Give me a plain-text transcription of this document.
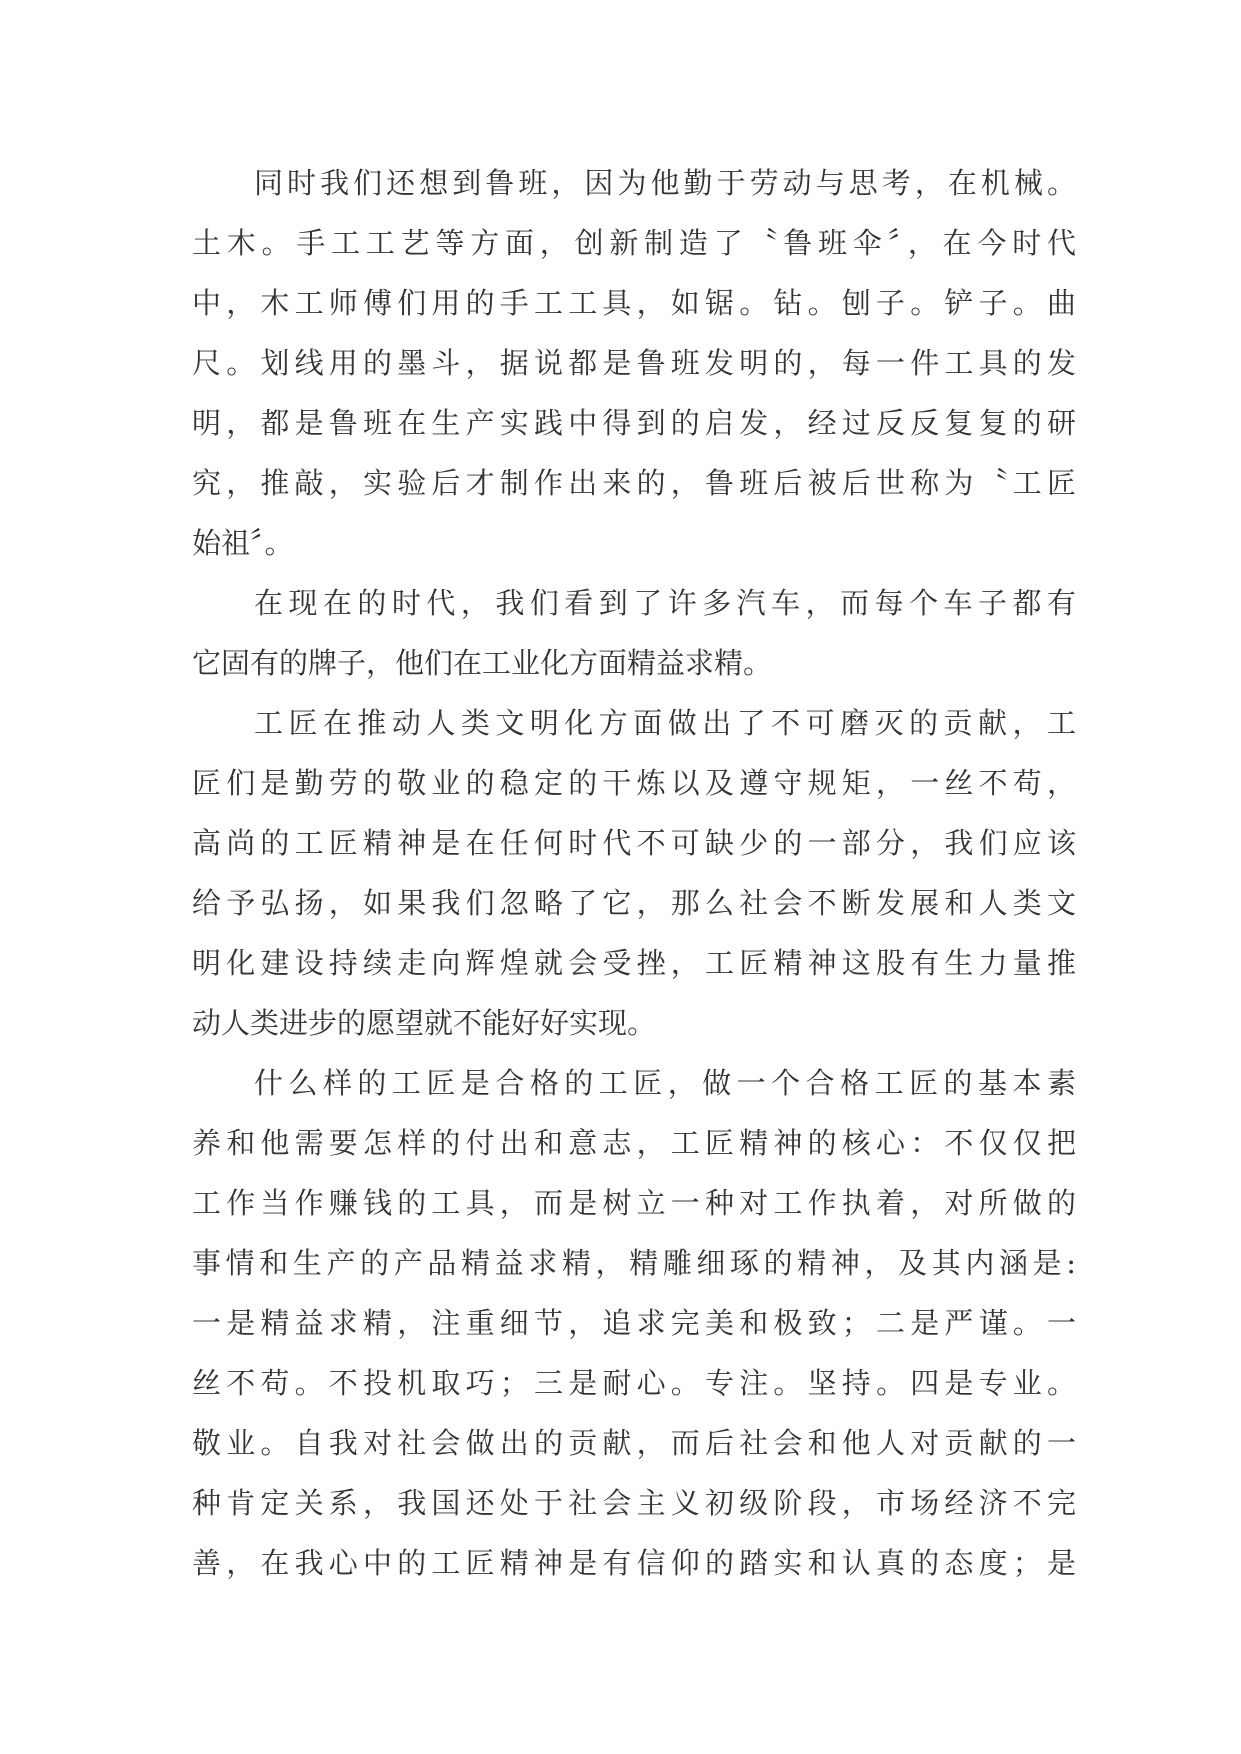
同时我们还想到鲁班，因为他勤于劳动与思考，在机械。
土木。手工工艺等方面，创新制造了〝鲁班伞〞，在今时代
中，木工师傅们用的手工工具，如锯。钻。刨子。铲子。曲
尺。划线用的墨斗，据说都是鲁班发明的，每一件工具的发
明，都是鲁班在生产实践中得到的启发，经过反反复复的研
究，推敲，实验后才制作出来的，鲁班后被后世称为〝工匠
始祖〞。

在现在的时代，我们看到了许多汽车，而每个车子都有
它固有的牌子，他们在工业化方面精益求精。

工匠在推动人类文明化方面做出了不可磨灭的贡献，工
匠们是勤劳的敬业的稳定的干炼以及遵守规矩，一丝不苟，
高尚的工匠精神是在任何时代不可缺少的一部分，我们应该
给予弘扬，如果我们忽略了它，那么社会不断发展和人类文
明化建设持续走向辉煌就会受挫，工匠精神这股有生力量推
动人类进步的愿望就不能好好实现。

什么样的工匠是合格的工匠，做一个合格工匠的基本素
养和他需要怎样的付出和意志，工匠精神的核心：不仅仅把
工作当作赚钱的工具，而是树立一种对工作执着，对所做的
事情和生产的产品精益求精，精雕细琢的精神，及其内涵是:
一是精益求精，注重细节，追求完美和极致；二是严谨。一
丝不苟。不投机取巧；三是耐心。专注。坚持。四是专业。
敬业。自我对社会做出的贡献，而后社会和他人对贡献的一
种肯定关系，我国还处于社会主义初级阶段，市场经济不完
善，在我心中的工匠精神是有信仰的踏实和认真的态度；是
